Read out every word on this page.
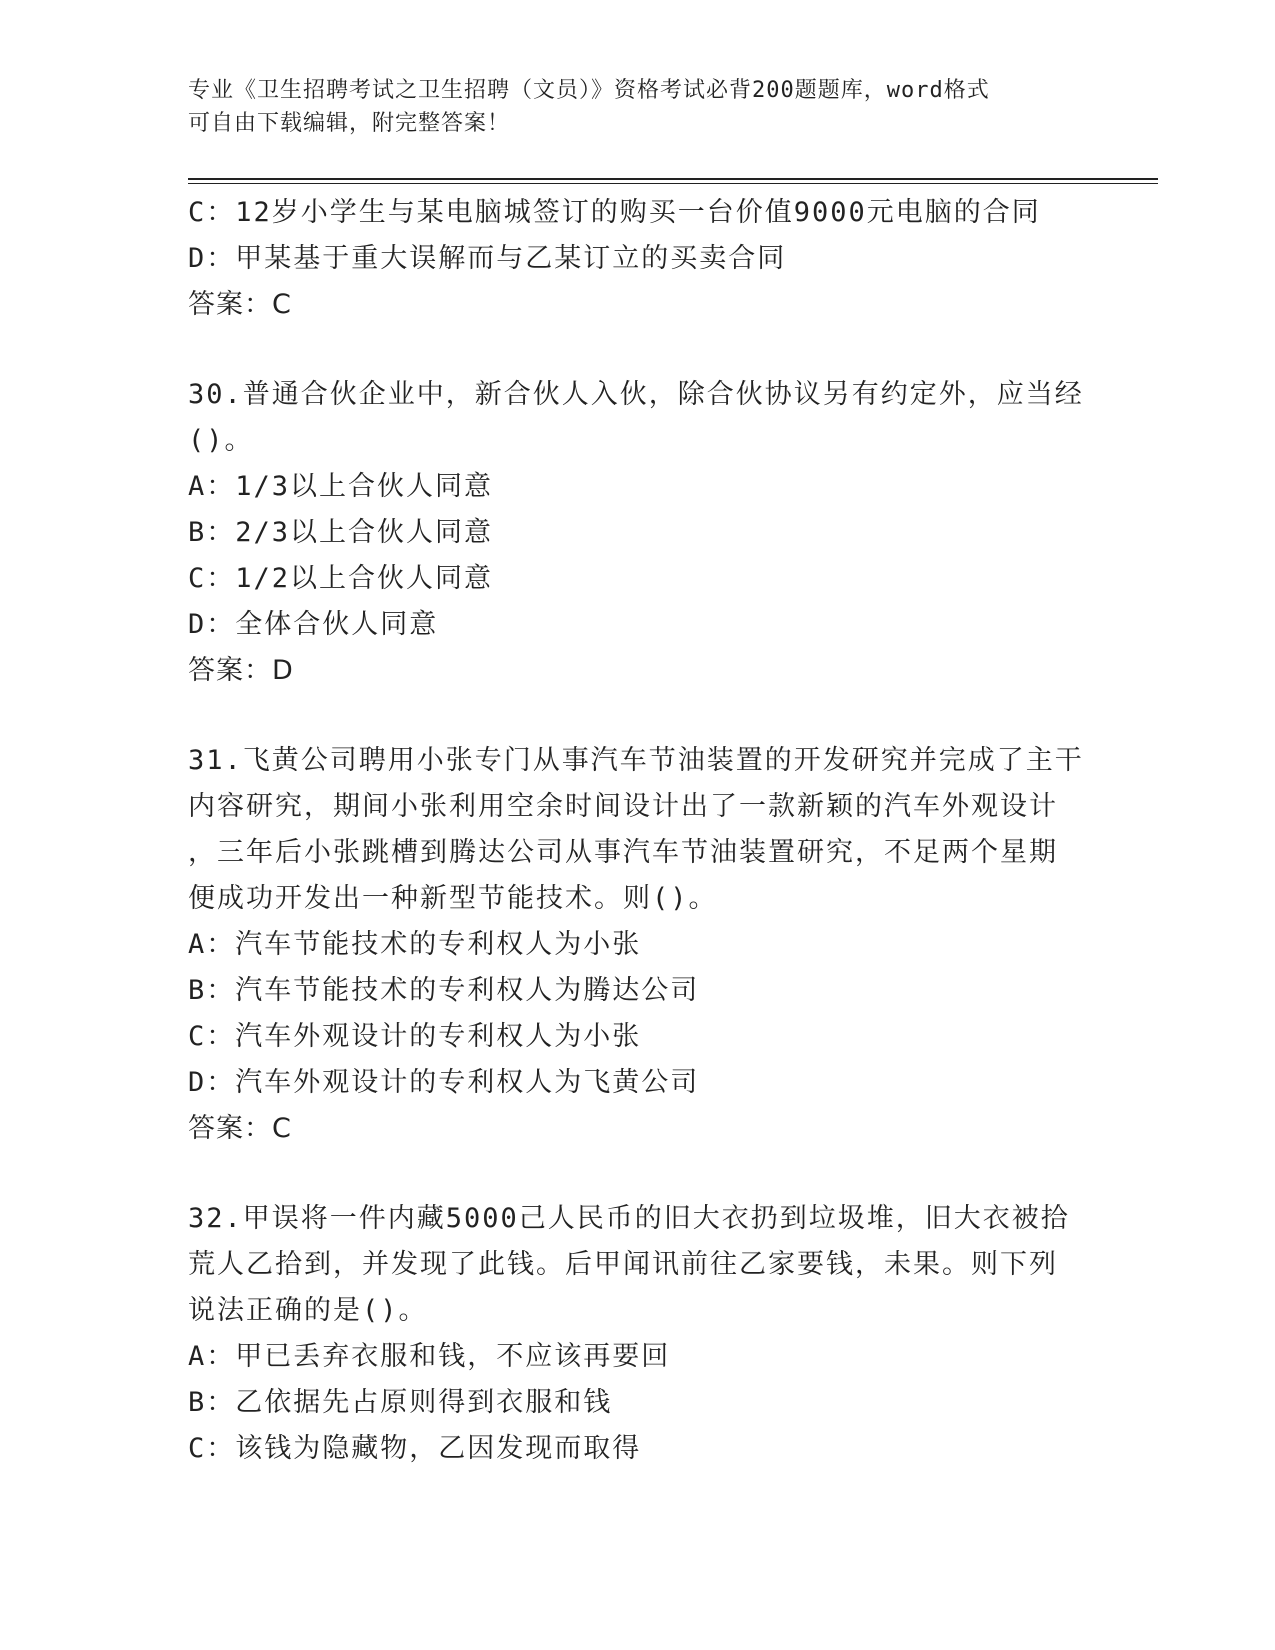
专业《卫生招聘考试之卫生招聘（文员）》资格考试必背200题题库，word格式
可自由下载编辑，附完整答案！
C：12岁小学生与某电脑城签订的购买一台价值9000元电脑的合同
D：甲某基于重大误解而与乙某订立的买卖合同
答案：C
30.普通合伙企业中，新合伙人入伙，除合伙协议另有约定外，应当经
()。
A：1/3以上合伙人同意
B：2/3以上合伙人同意
C：1/2以上合伙人同意
D：全体合伙人同意
答案：D
31.飞黄公司聘用小张专门从事汽车节油装置的开发研究并完成了主干
内容研究，期间小张利用空余时间设计出了一款新颖的汽车外观设计
，三年后小张跳槽到腾达公司从事汽车节油装置研究，不足两个星期
便成功开发出一种新型节能技术。则()。
A：汽车节能技术的专利权人为小张
B：汽车节能技术的专利权人为腾达公司
C：汽车外观设计的专利权人为小张
D：汽车外观设计的专利权人为飞黄公司
答案：C
32.甲误将一件内藏5000己人民币的旧大衣扔到垃圾堆，旧大衣被拾
荒人乙拾到，并发现了此钱。后甲闻讯前往乙家要钱，未果。则下列
说法正确的是()。
A：甲已丢弃衣服和钱，不应该再要回
B：乙依据先占原则得到衣服和钱
C：该钱为隐藏物，乙因发现而取得
